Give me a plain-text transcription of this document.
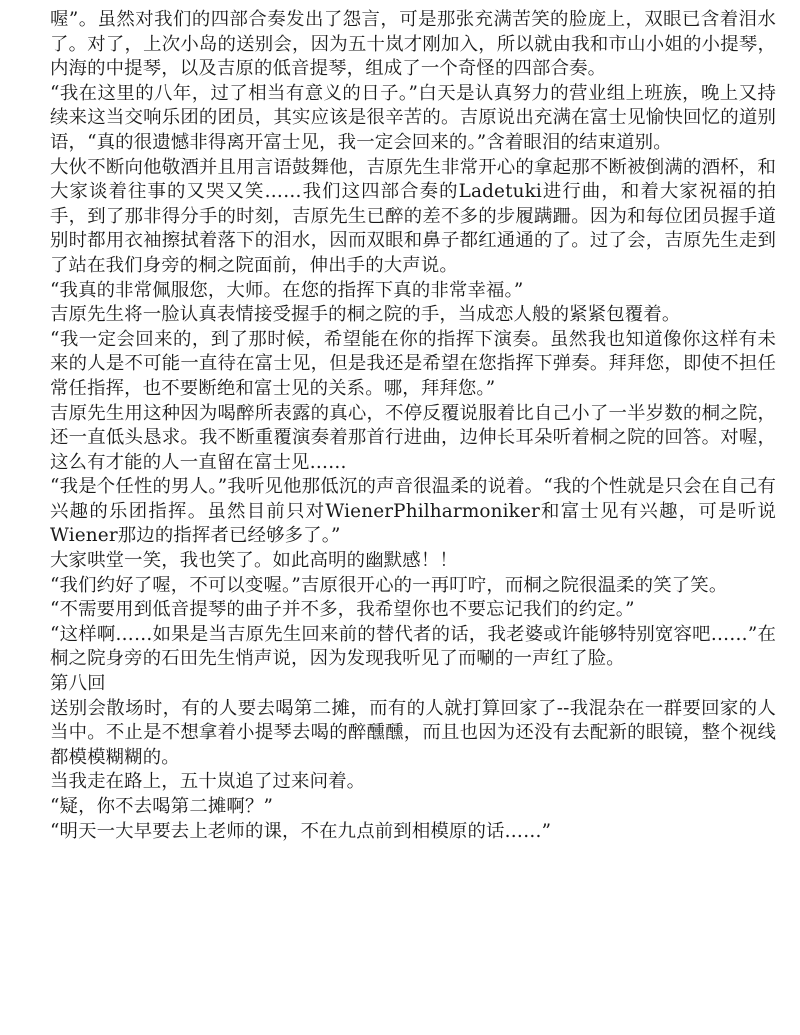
喔”。虽然对我们的四部合奏发出了怨言，可是那张充满苦笑的脸庞上，双眼已含着泪水了。对了，上次小岛的送别会，因为五十岚才刚加入，所以就由我和市山小姐的小提琴，内海的中提琴，以及吉原的低音提琴，组成了一个奇怪的四部合奏。

“我在这里的八年，过了相当有意义的日子。”白天是认真努力的营业组上班族，晚上又持续来这当交响乐团的团员，其实应该是很辛苦的。吉原说出充满在富士见愉快回忆的道别语，“真的很遗憾非得离开富士见，我一定会回来的。”含着眼泪的结束道别。

大伙不断向他敬酒并且用言语鼓舞他，吉原先生非常开心的拿起那不断被倒满的酒杯，和大家谈着往事的又哭又笑……我们这四部合奏的Ladetuki进行曲，和着大家祝福的拍手，到了那非得分手的时刻，吉原先生已醉的差不多的步履蹒跚。因为和每位团员握手道别时都用衣袖擦拭着落下的泪水，因而双眼和鼻子都红通通的了。过了会，吉原先生走到了站在我们身旁的桐之院面前，伸出手的大声说。

“我真的非常佩服您，大师。在您的指挥下真的非常幸福。”

吉原先生将一脸认真表情接受握手的桐之院的手，当成恋人般的紧紧包覆着。

“我一定会回来的，到了那时候，希望能在你的指挥下演奏。虽然我也知道像你这样有未来的人是不可能一直待在富士见，但是我还是希望在您指挥下弹奏。拜拜您，即使不担任常任指挥，也不要断绝和富士见的关系。哪，拜拜您。”

吉原先生用这种因为喝醉所表露的真心，不停反覆说服着比自己小了一半岁数的桐之院，还一直低头恳求。我不断重覆演奏着那首行进曲，边伸长耳朵听着桐之院的回答。对喔，这么有才能的人一直留在富士见……

“我是个任性的男人。”我听见他那低沉的声音很温柔的说着。“我的个性就是只会在自己有兴趣的乐团指挥。虽然目前只对WienerPhilharmoniker和富士见有兴趣，可是听说Wiener那边的指挥者已经够多了。”

大家哄堂一笑，我也笑了。如此高明的幽默感！！

“我们约好了喔，不可以变喔。”吉原很开心的一再叮咛，而桐之院很温柔的笑了笑。

“不需要用到低音提琴的曲子并不多，我希望你也不要忘记我们的约定。”

“这样啊……如果是当吉原先生回来前的替代者的话，我老婆或许能够特别宽容吧……”在桐之院身旁的石田先生悄声说，因为发现我听见了而唰的一声红了脸。

第八回

送别会散场时，有的人要去喝第二摊，而有的人就打算回家了--我混杂在一群要回家的人当中。不止是不想拿着小提琴去喝的醉醺醺，而且也因为还没有去配新的眼镜，整个视线都模模糊糊的。

当我走在路上，五十岚追了过来问着。

“疑，你不去喝第二摊啊？”

“明天一大早要去上老师的课，不在九点前到相模原的话……”
